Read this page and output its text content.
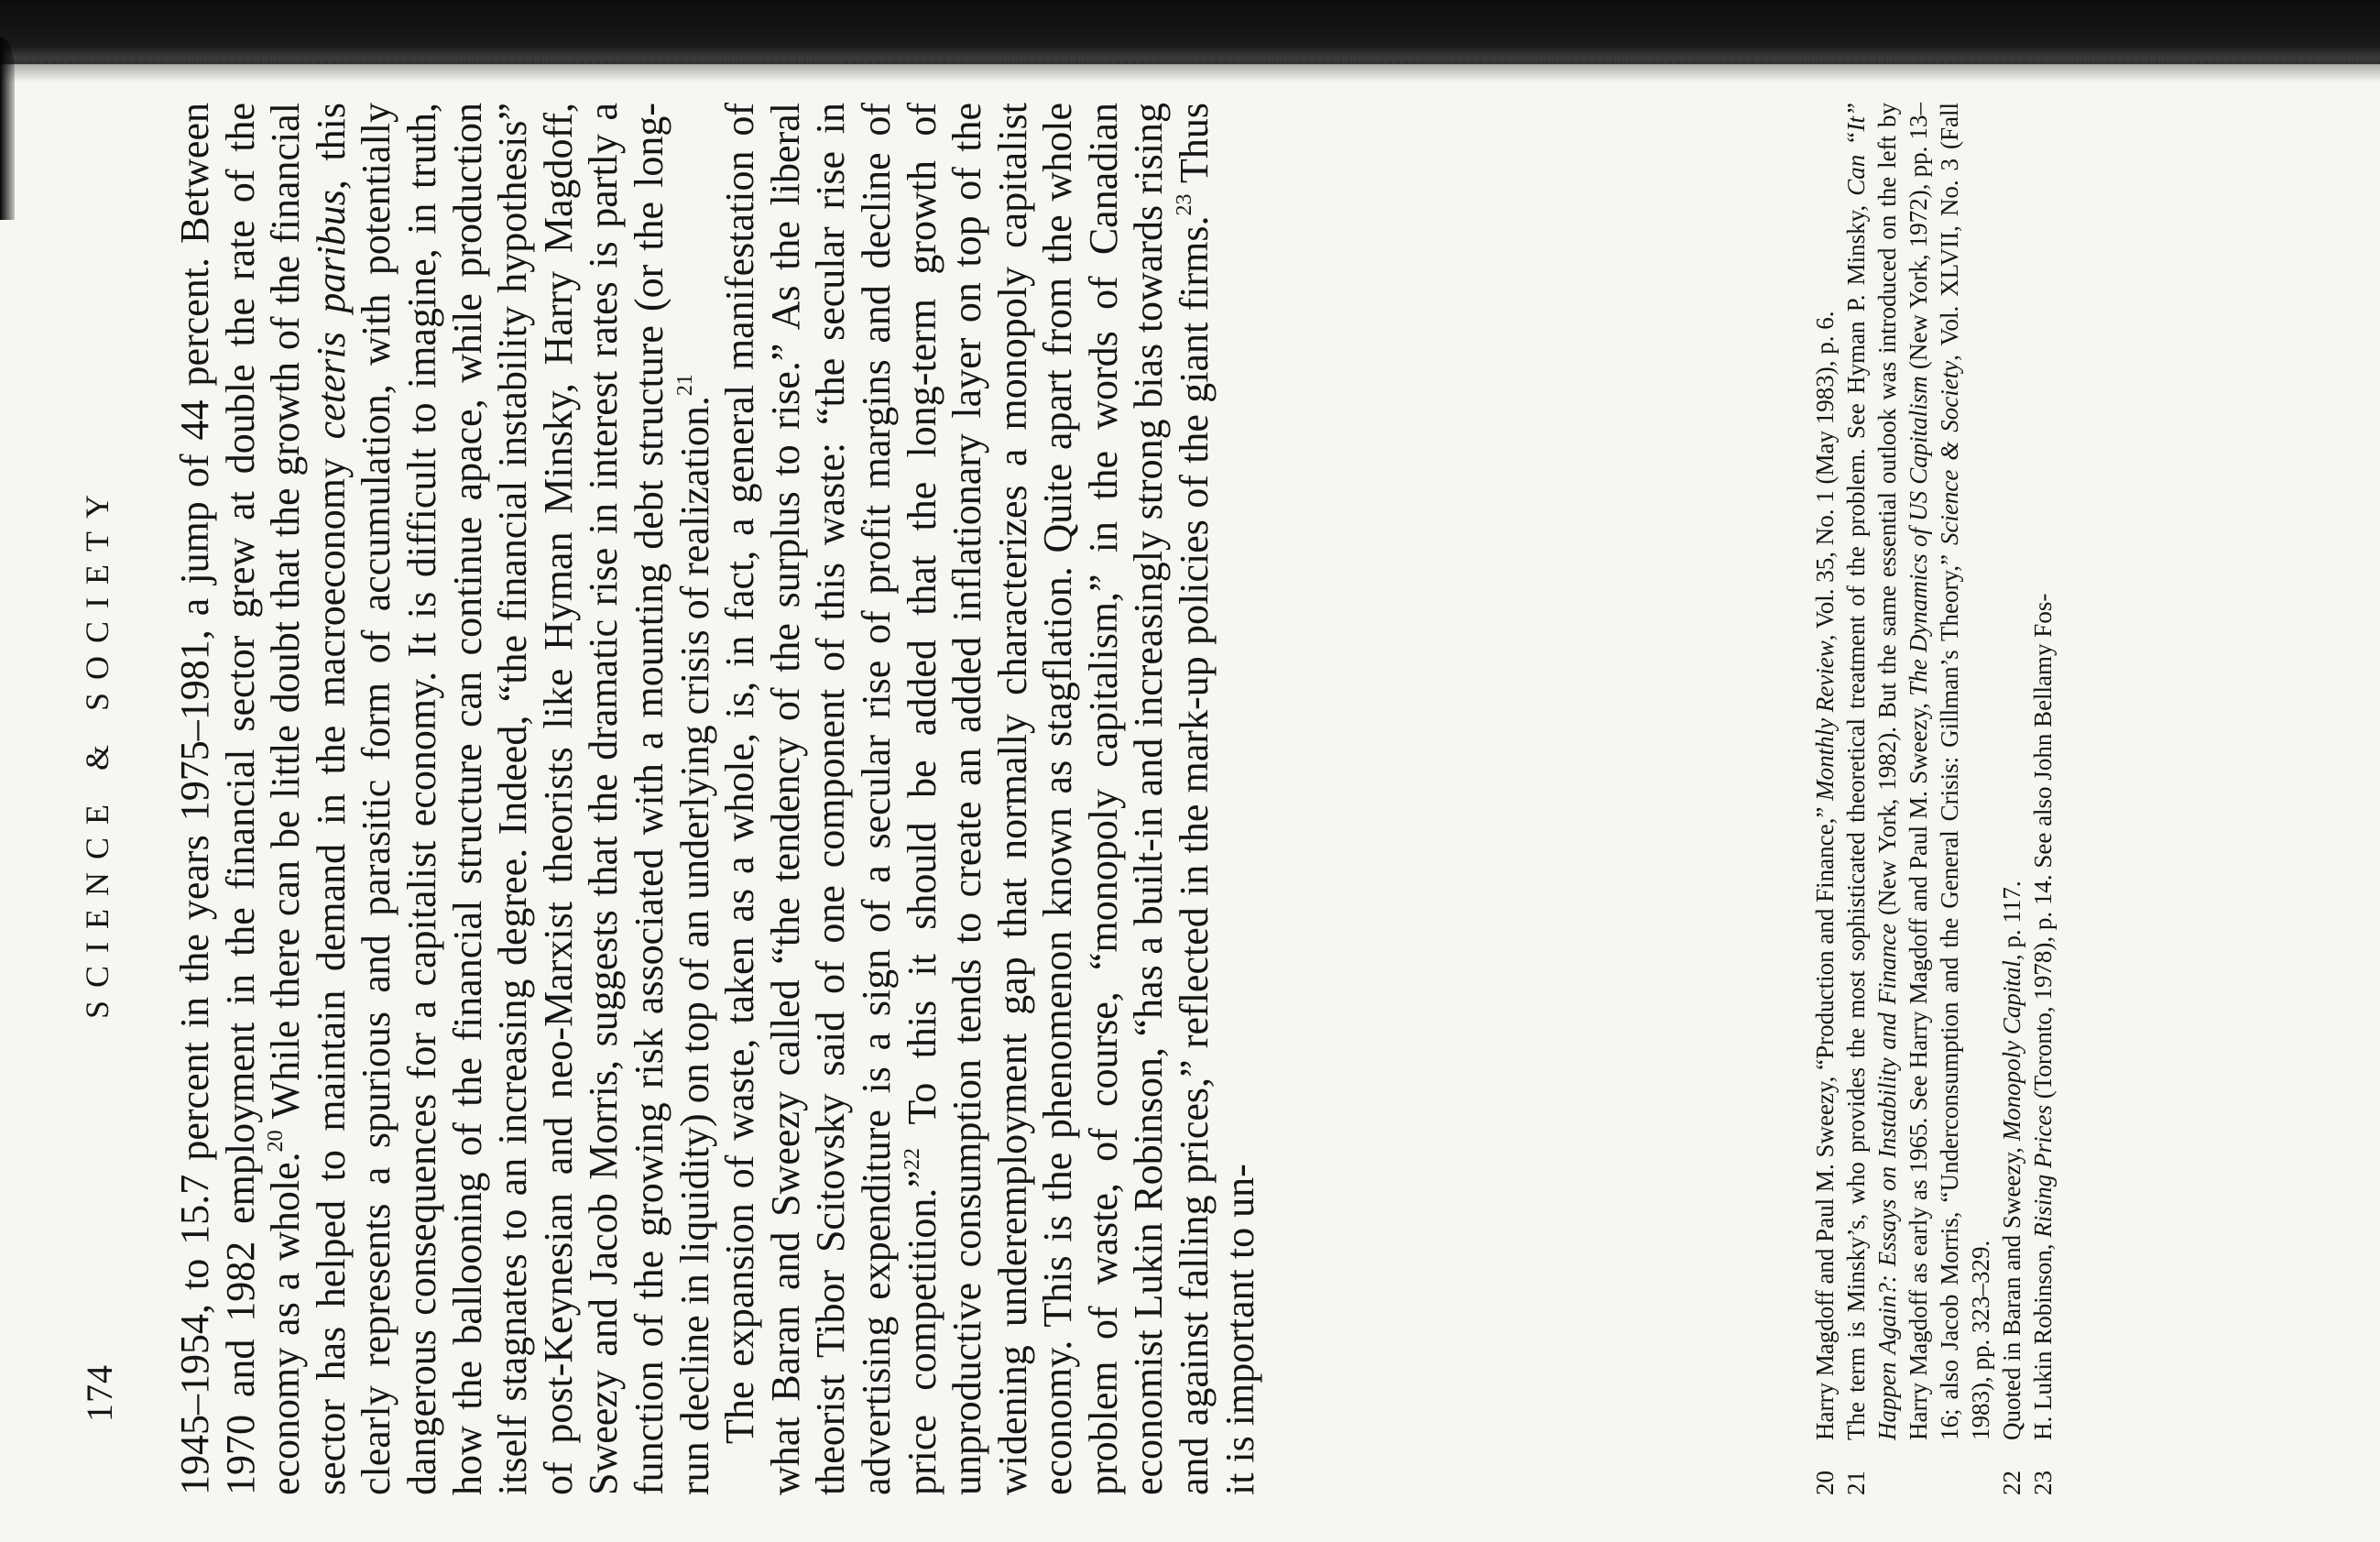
174
SCIENCE & SOCIETY 1945–1954, to 15.7 percent in the years 1975–1981, a jump of 44 percent. Between 1970 and 1982 employment in the financial sector grew at double the rate of the economy as a whole.$^{20}$ While there can be little doubt that the growth of the financial sector has helped to maintain demand in the macroeconomy ceteris paribus, this clearly represents a spurious and parasitic form of accumulation, with potentially dangerous consequences for a capitalist economy. It is difficult to imagine, in truth, how the ballooning of the financial structure can continue apace, while production itself stagnates to an increasing degree. Indeed, “the financial instability hypothesis” of post-Keynesian and neo-Marxist theorists like Hyman Minsky, Harry Magdoff, Sweezy and Jacob Morris, suggests that the dramatic rise in interest rates is partly a function of the growing risk associated with a mounting debt structure (or the long-run decline in liquidity) on top of an underlying crisis of realization.$^{21}$ The expansion of waste, taken as a whole, is, in fact, a general manifestation of what Baran and Sweezy called “the tendency of the surplus to rise.” As the liberal theorist Tibor Scitovsky said of one component of this waste: “the secular rise in advertising expenditure is a sign of a secular rise of profit margins and decline of price competition.”$^{22}$ To this it should be added that the long-term growth of unproductive consumption tends to create an added inflationary layer on top of the widening underemployment gap that normally characterizes a monopoly capitalist economy. This is the phenomenon known as stagflation. Quite apart from the whole problem of waste, of course, “monopoly capitalism,” in the words of Canadian economist Lukin Robinson, “has a built-in and increasingly strong bias towards rising and against falling prices,” reflected in the mark-up policies of the giant firms.$^{23}$ Thus it is important to un-	20
Harry Magdoff and Paul M. Sweezy, “Production and Finance,” Monthly Review, Vol. 35, No. 1 (May 1983), p. 6.
21
The term is Minsky’s, who provides the most sophisticated theoretical treatment of the problem. See Hyman P. Minsky, Can “It” Happen Again?: Essays on Instability and Finance (New York, 1982). But the same essential outlook was introduced on the left by Harry Magdoff as early as 1965. See Harry Magdoff and Paul M. Sweezy, The Dynamics of US Capitalism (New York, 1972), pp. 13–16; also Jacob Morris, “Underconsumption and the General Crisis: Gillman’s Theory,” Science & Society, Vol. XLVII, No. 3 (Fall 1983), pp. 323–329.
22
Quoted in Baran and Sweezy, Monopoly Capital, p. 117.
23
H. Lukin Robinson, Rising Prices (Toronto, 1978), p. 14. See also John Bellamy Fos-
